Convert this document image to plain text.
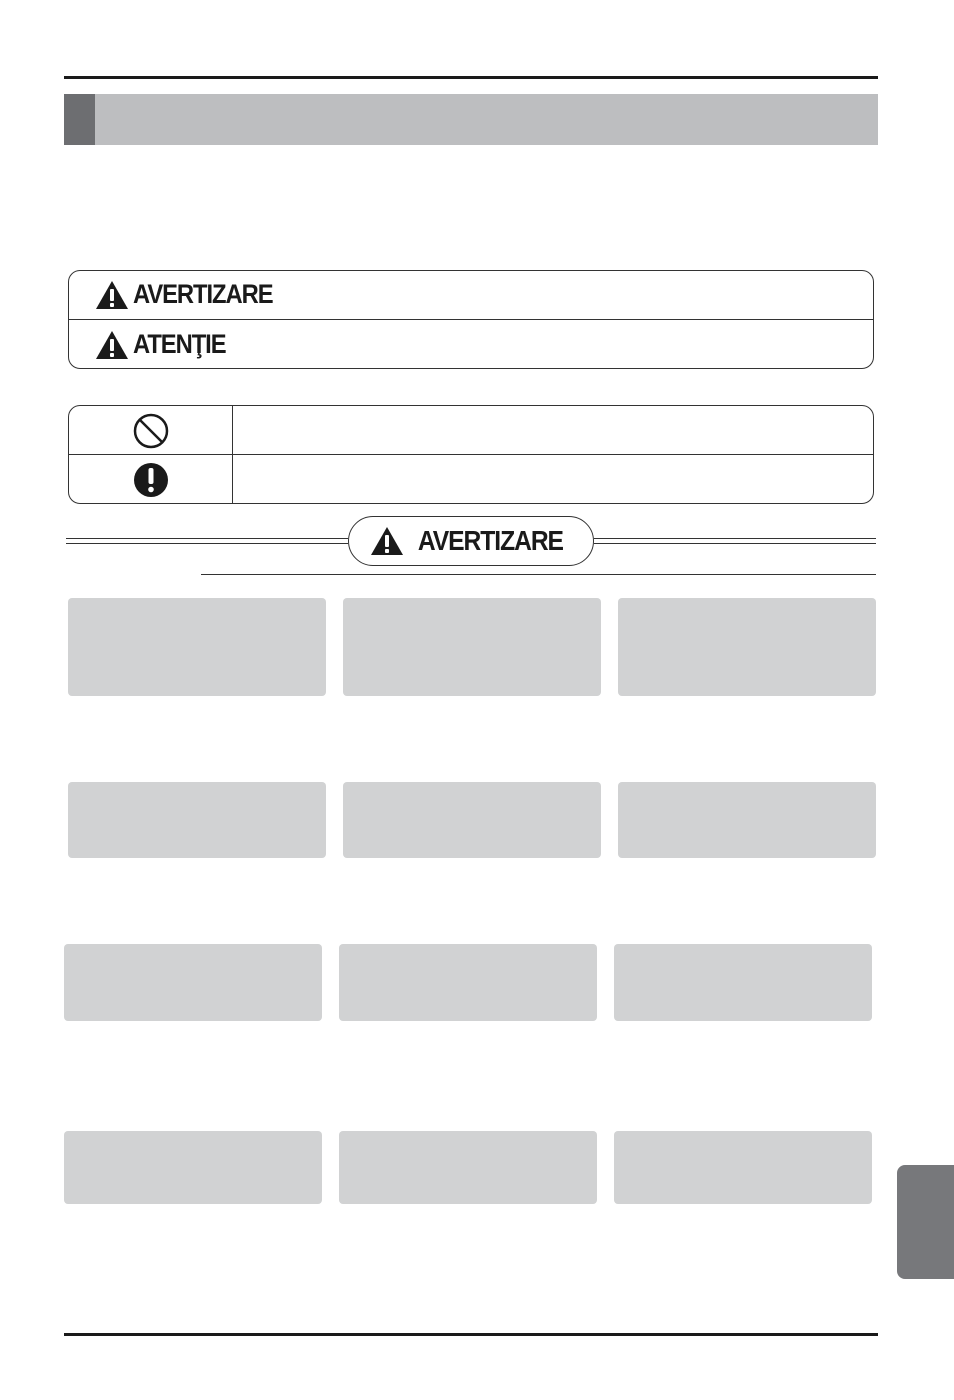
AVERTIZARE
ATENŢIE
AVERTIZARE
